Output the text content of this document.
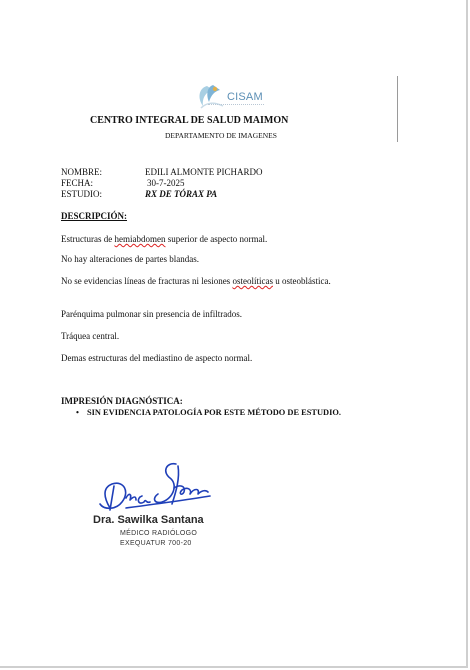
CISAM
CENTRO INTEGRAL DE SALUD MAIMON
DEPARTAMENTO DE IMAGENES
NOMBRE:	EDILI ALMONTE PICHARDO
FECHA:	30-7-2025
ESTUDIO:	RX DE TÓRAX PA
DESCRIPCIÓN:
Estructuras de hemiabdomen superior de aspecto normal.
No hay alteraciones de partes blandas.
No se evidencias líneas de fracturas ni lesiones osteolíticas u osteoblástica.
Parénquima pulmonar sin presencia de infiltrados.
Tráquea central.
Demas estructuras del mediastino de aspecto normal.
IMPRESIÓN DIAGNÓSTICA:
• SIN EVIDENCIA PATOLOGÍA POR ESTE MÉTODO DE ESTUDIO.
Dra. Sawilka Santana
MÉDICO RADIÓLOGO
EXEQUATUR 700-20
